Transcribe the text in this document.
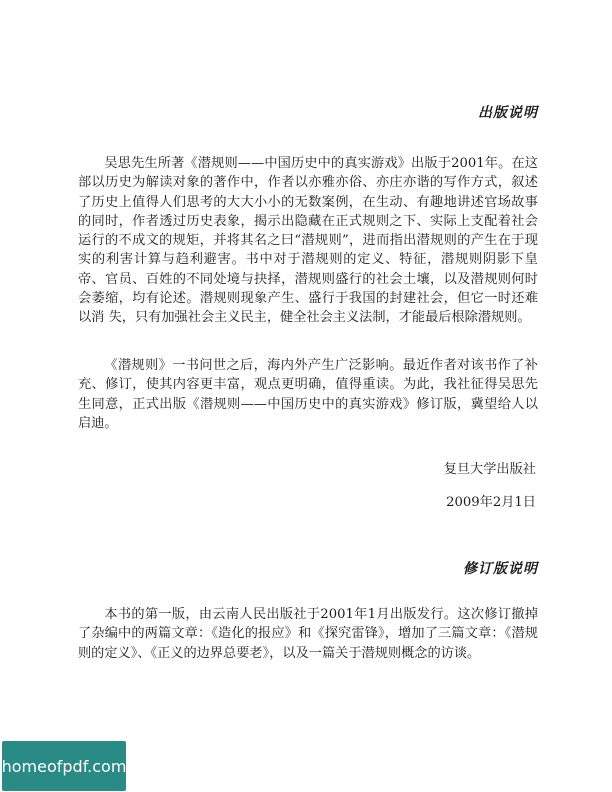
出版说明

吴思先生所著《潜规则——中国历史中的真实游戏》出版于2001年。在这部以历史为解读对象的著作中，作者以亦雅亦俗、亦庄亦谐的写作方式，叙述了历史上值得人们思考的大大小小的无数案例，在生动、有趣地讲述官场故事的同时，作者透过历史表象，揭示出隐藏在正式规则之下、实际上支配着社会运行的不成文的规矩，并将其名之曰“潜规则”，进而指出潜规则的产生在于现实的利害计算与趋利避害。书中对于潜规则的定义、特征，潜规则阴影下皇帝、官员、百姓的不同处境与抉择，潜规则盛行的社会土壤，以及潜规则何时会萎缩，均有论述。潜规则现象产生、盛行于我国的封建社会，但它一时还难以消 失，只有加强社会主义民主，健全社会主义法制，才能最后根除潜规则。

《潜规则》一书问世之后，海内外产生广泛影响。最近作者对该书作了补充、修订，使其内容更丰富，观点更明确，值得重读。为此，我社征得吴思先生同意，正式出版《潜规则——中国历史中的真实游戏》修订版，冀望给人以启迪。

复旦大学出版社
2009年2月1日
修订版说明

本书的第一版，由云南人民出版社于2001年1月出版发行。这次修订撤掉了杂编中的两篇文章：《造化的报应》和《探究雷锋》，增加了三篇文章：《潜规则的定义》、《正义的边界总要老》，以及一篇关于潜规则概念的访谈。

homeofpdf.com
